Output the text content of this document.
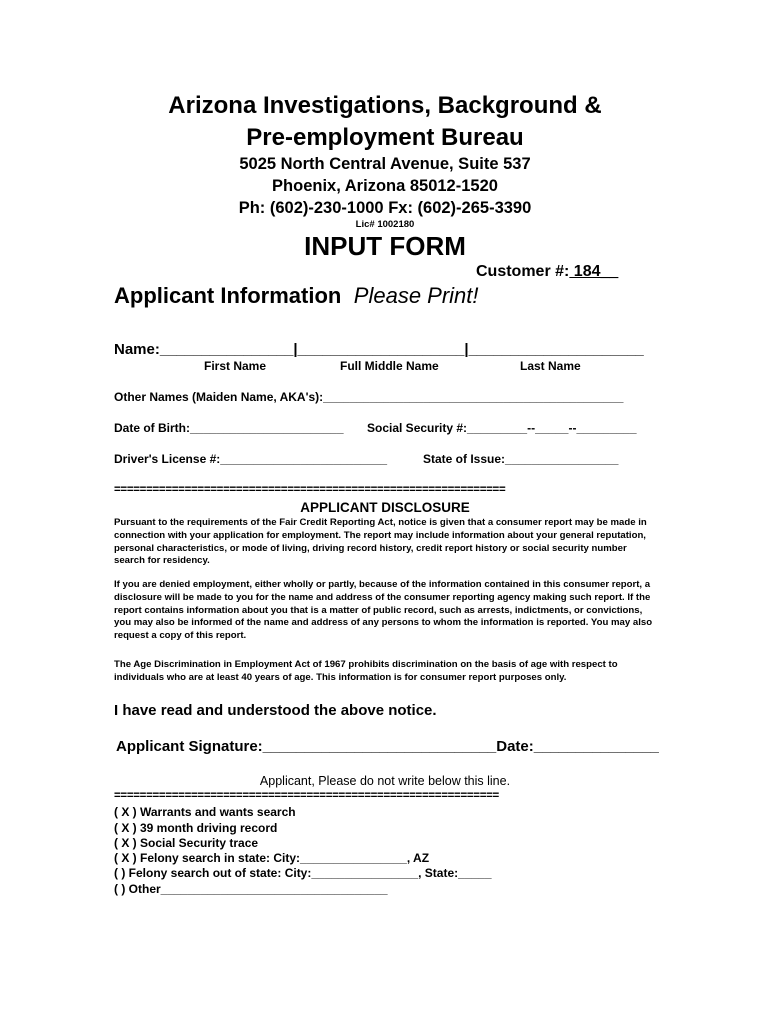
Arizona Investigations, Background &
Pre-employment Bureau
5025 North Central Avenue, Suite 537
Phoenix, Arizona 85012-1520
Ph: (602)-230-1000 Fx: (602)-265-3390
Lic# 1002180
INPUT FORM
Customer #: 184__
Applicant Information Please Print!
Name:________________|____________________|_____________________
First Name	Full Middle Name	Last Name
Other Names (Maiden Name, AKA's):_____________________________________________
Date of Birth:_______________________ Social Security #:_________--_____--_________
Driver's License #:_________________________	State of Issue:_________________
=============================================================
APPLICANT DISCLOSURE
Pursuant to the requirements of the Fair Credit Reporting Act, notice is given that a consumer report may be made in connection with your application for employment. The report may include information about your general reputation, personal characteristics, or mode of living, driving record history, credit report history or social security number search for residency.
If you are denied employment, either wholly or partly, because of the information contained in this consumer report, a disclosure will be made to you for the name and address of the consumer reporting agency making such report. If the report contains information about you that is a matter of public record, such as arrests, indictments, or convictions, you may also be informed of the name and address of any persons to whom the information is reported. You may also request a copy of this report.
The Age Discrimination in Employment Act of 1967 prohibits discrimination on the basis of age with respect to individuals who are at least 40 years of age. This information is for consumer report purposes only.
I have read and understood the above notice.
Applicant Signature:____________________________Date:_______________
Applicant, Please do not write below this line.
============================================================
( X ) Warrants and wants search
( X ) 39 month driving record
( X ) Social Security trace
( X ) Felony search in state: City:________________, AZ
( ) Felony search out of state: City:________________, State:_____
( ) Other__________________________________
